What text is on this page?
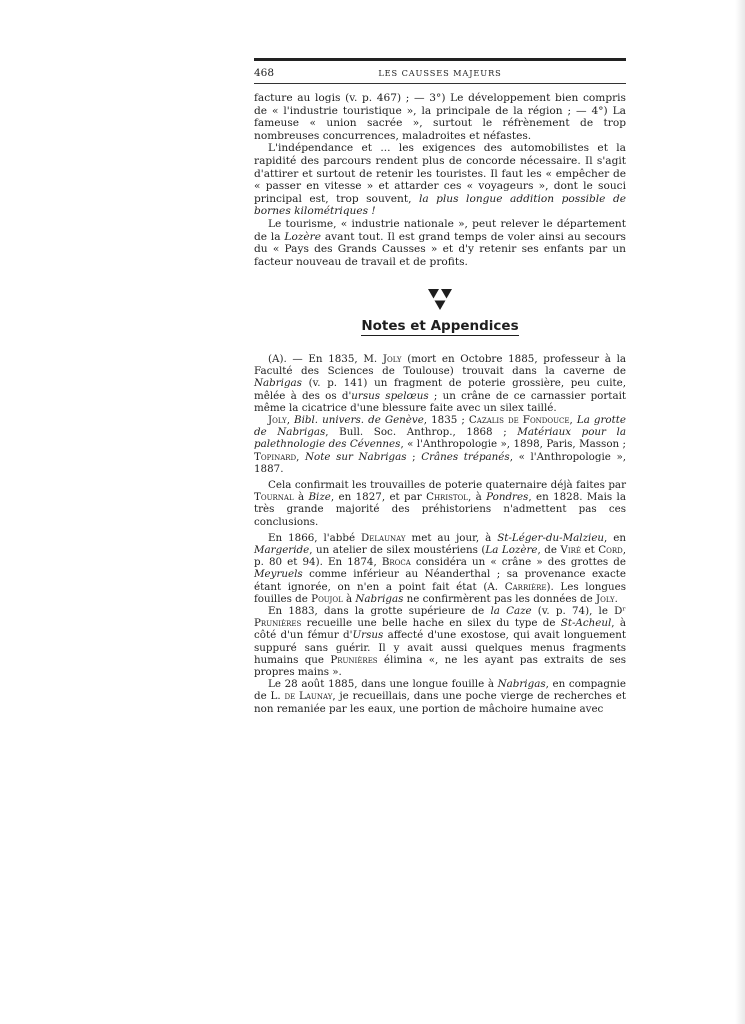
468	LES CAUSSES MAJEURS

facture au logis (v. p. 467) ; — 3°) Le développement bien compris de « l'industrie touristique », la principale de la région ; — 4°) La fameuse « union sacrée », surtout le réfrènement de trop nombreuses concurrences, maladroites et néfastes.

L'indépendance et ... les exigences des automobilistes et la rapidité des parcours rendent plus de concorde nécessaire. Il s'agit d'attirer et surtout de retenir les touristes. Il faut les « empêcher de « passer en vitesse » et attarder ces « voyageurs », dont le souci principal est, trop souvent, la plus longue addition possible de bornes kilométriques !

Le tourisme, « industrie nationale », peut relever le département de la Lozère avant tout. Il est grand temps de voler ainsi au secours du « Pays des Grands Causses » et d'y retenir ses enfants par un facteur nouveau de travail et de profits.

Notes et Appendices

(A). — En 1835, M. Joly (mort en Octobre 1885, professeur à la Faculté des Sciences de Toulouse) trouvait dans la caverne de Nabrigas (v. p. 141) un fragment de poterie grossière, peu cuite, mêlée à des os d'ursus spelœus ; un crâne de ce carnassier portait même la cicatrice d'une blessure faite avec un silex taillé.

Joly, Bibl. univers. de Genève, 1835 ; Cazalis de Fondouce, La grotte de Nabrigas, Bull. Soc. Anthrop., 1868 ; Matériaux pour la palethnologie des Cévennes, « l'Anthropologie », 1898, Paris, Masson ; Topinard, Note sur Nabrigas ; Crânes trépanés, « l'Anthropologie », 1887.

Cela confirmait les trouvailles de poterie quaternaire déjà faites par Tournal à Bize, en 1827, et par Christol, à Pondres, en 1828. Mais la très grande majorité des préhistoriens n'admettent pas ces conclusions.

En 1866, l'abbé Delaunay met au jour, à St-Léger-du-Malzieu, en Margeride, un atelier de silex moustériens (La Lozère, de Viré et Cord, p. 80 et 94). En 1874, Broca considéra un « crâne » des grottes de Meyruels comme inférieur au Néanderthal ; sa provenance exacte étant ignorée, on n'en a point fait état (A. Carrière). Les longues fouilles de Poujol à Nabrigas ne confirmèrent pas les données de Joly.

En 1883, dans la grotte supérieure de la Caze (v. p. 74), le Dʳ Prunières recueille une belle hache en silex du type de St-Acheul, à côté d'un fémur d'Ursus affecté d'une exostose, qui avait longuement suppuré sans guérir. Il y avait aussi quelques menus fragments humains que Prunières élimina «, ne les ayant pas extraits de ses propres mains ».

Le 28 août 1885, dans une longue fouille à Nabrigas, en compagnie de L. de Launay, je recueillais, dans une poche vierge de recherches et non remaniée par les eaux, une portion de mâchoire humaine avec
